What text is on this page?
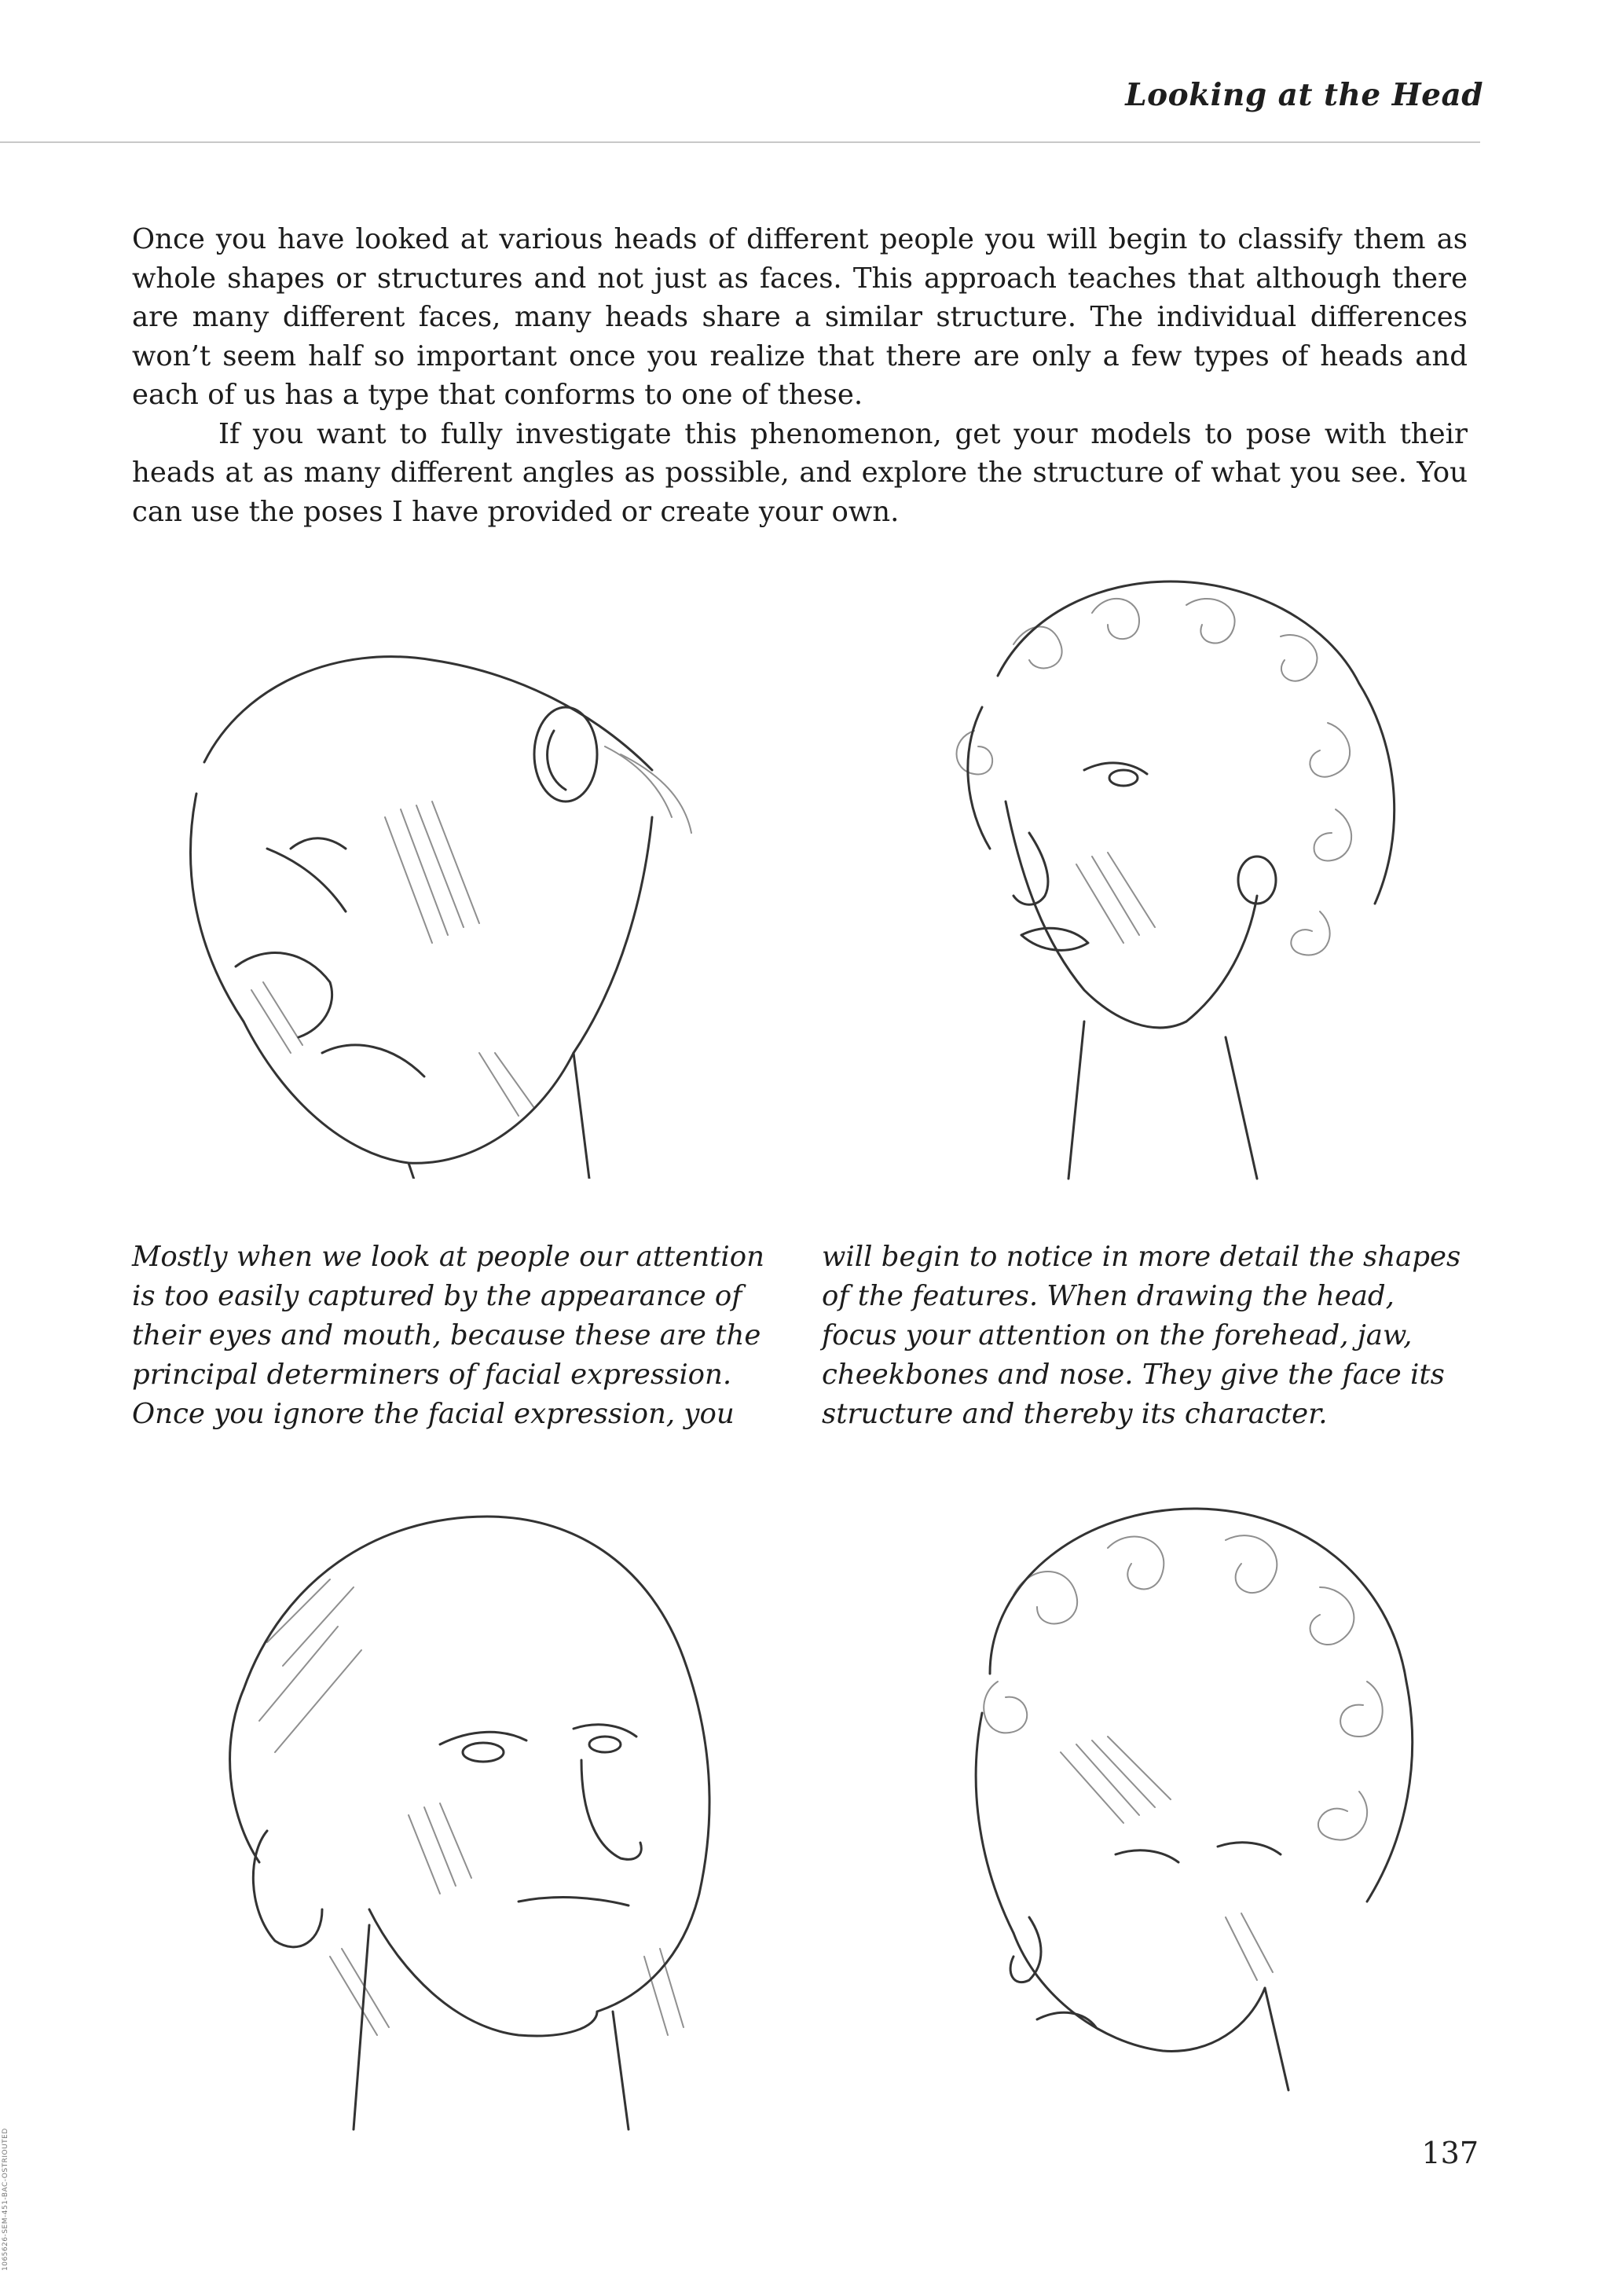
Looking at the Head

Once you have looked at various heads of different people you will begin to classify them as whole shapes or structures and not just as faces. This approach teaches that although there are many different faces, many heads share a similar structure. The individual differences won’t seem half so important once you realize that there are only a few types of heads and each of us has a type that conforms to one of these.

If you want to fully investigate this phenomenon, get your models to pose with their heads at as many different angles as possible, and explore the structure of what you see. You can use the poses I have provided or create your own.

Mostly when we look at people our attention is too easily captured by the appearance of their eyes and mouth, because these are the principal determiners of facial expression. Once you ignore the facial expression, you
will begin to notice in more detail the shapes of the features. When drawing the head, focus your attention on the forehead, jaw, cheekbones and nose. They give the face its structure and thereby its character.
137
1065626-SEM-451-BAC-OSTRIOUTED
